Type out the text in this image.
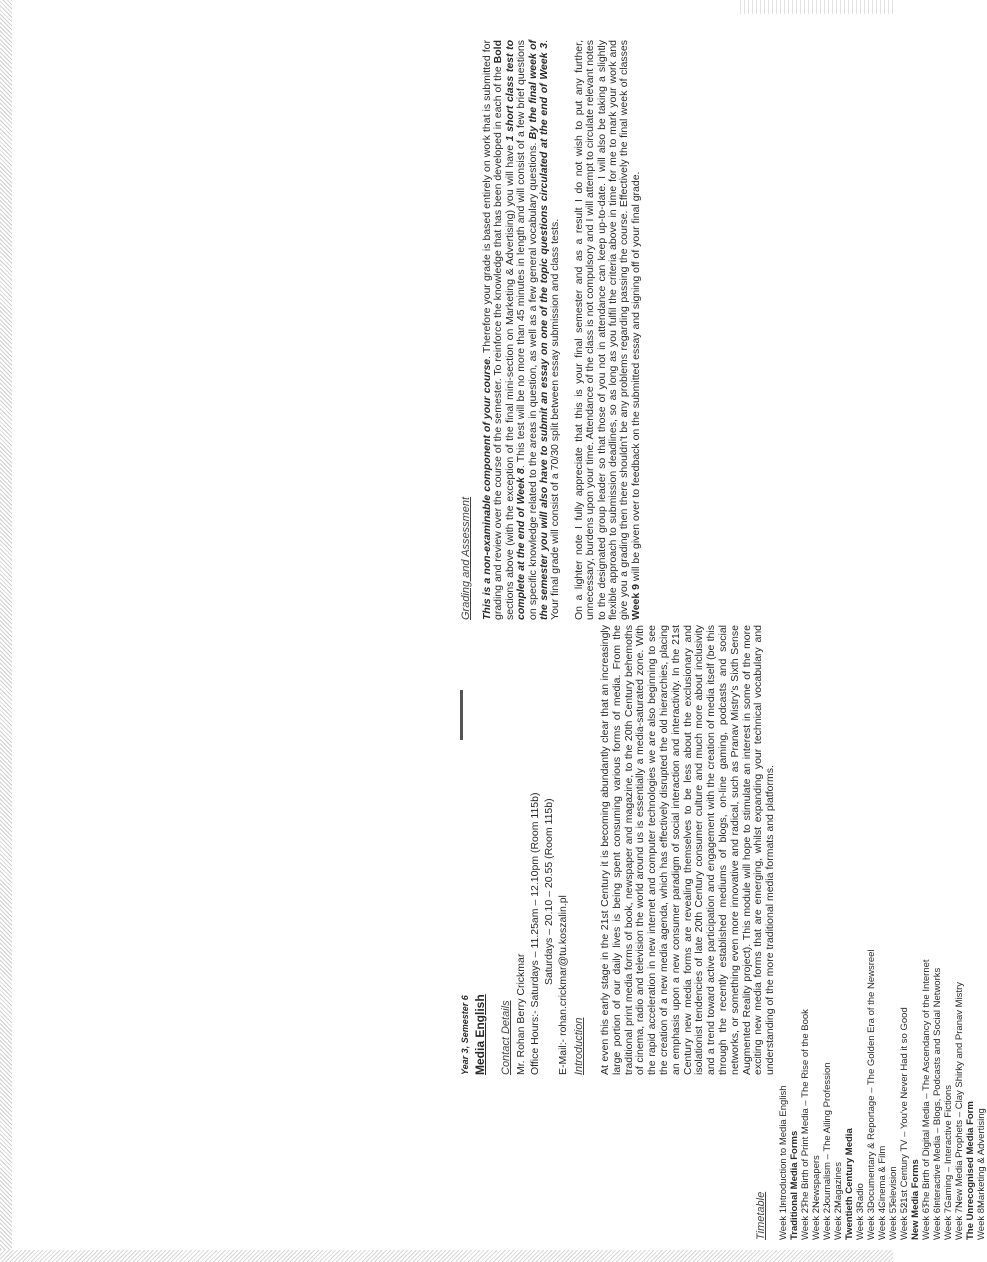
Year 3, Semester 6 Media English Contact Details Mr. Rohan Berry Crickmar Office Hours:- Saturdays – 11.25am – 12.10pm (Room 115b) Saturdays – 20.10 – 20.55 (Room 115b)
E-Mail:- rohan.crickmar@tu.koszalin.pl Introduction At even this early stage in the 21st Century it is becoming abundantly clear that an increasingly large portion of our daily lives is being spent consuming various forms of media. From the traditional print media forms of book, newspaper and magazine, to the 20th Century behemoths of cinema, radio and television the world around us is essentially a media-saturated zone. With the rapid acceleration in new internet and computer technologies we are also beginning to see the creation of a new media agenda, which has effectively disrupted the old hierarchies, placing an emphasis upon a new consumer paradigm of social interaction and interactivity. In the 21st Century new media forms are revealing themselves to be less about the exclusionary and isolationist tendencies of late 20th Century consumer culture and much more about inclusivity and a trend toward active participation and engagement with the creation of media itself (be this through the recently established mediums of blogs, on-line gaming, podcasts and social networks, or something even more innovative and radical, such as Pranav Mistry's Sixth Sense Augmented Reality project). This module will hope to stimulate an interest in some of the more exciting new media forms that are emerging, whilst expanding your technical vocabulary and understanding of the more traditional media formats and platforms.
Timetable Week 1:-Introduction to Media English Traditional Media Forms Week 2:-The Birth of Print Media – The Rise of the Book
Week 2:-Newspapers
Week 2:-Journalism – The Ailing Profession
Week 2:-Magazines Twentieth Century Media Week 3:-Radio
Week 3:-Documentary & Reportage – The Golden Era of the Newsreel
Week 4:-Cinema & Film
Week 5:-Television
Week 5:-21st Century TV – You've Never Had it so Good New Media Forms Week 6:-The Birth of Digital Media – The Ascendancy of the Internet
Week 6:-Interactive Media – Blogs, Podcasts and Social Networks
Week 7:-Gaming – Interactive Fictions
Week 7:-New Media Prophets – Clay Shirky and Pranav Mistry The Unrecognised Media Form Week 8:-Marketing & Advertising
Grading and Assessment This is a non-examinable component of your course. Therefore your grade is based entirely on work that is submitted for grading and review over the course of the semester. To reinforce the knowledge that has been developed in each of the Bold sections above (with the exception of the final mini-section on Marketing & Advertising) you will have 1 short class test to complete at the end of Week 8. This test will be no more than 45 minutes in length and will consist of a few brief questions on specific knowledge related to the areas in question, as well as a few general vocabulary questions. By the final week of the semester you will also have to submit an essay on one of the topic questions circulated at the end of Week 3. Your final grade will consist of a 70/30 split between essay submission and class tests. On a lighter note I fully appreciate that this is your final semester and as a result I do not wish to put any further, unnecessary, burdens upon your time. Attendance of the class is not compulsory and I will attempt to circulate relevant notes to the designated group leader so that those of you not in attendance can keep up-to-date. I will also be taking a slightly flexible approach to submission deadlines, so as long as you fulfil the criteria above in time for me to mark your work and give you a grading then there shouldn't be any problems regarding passing the course. Effectively the final week of classes Week 9 will be given over to feedback on the submitted essay and signing off of your final grade.
